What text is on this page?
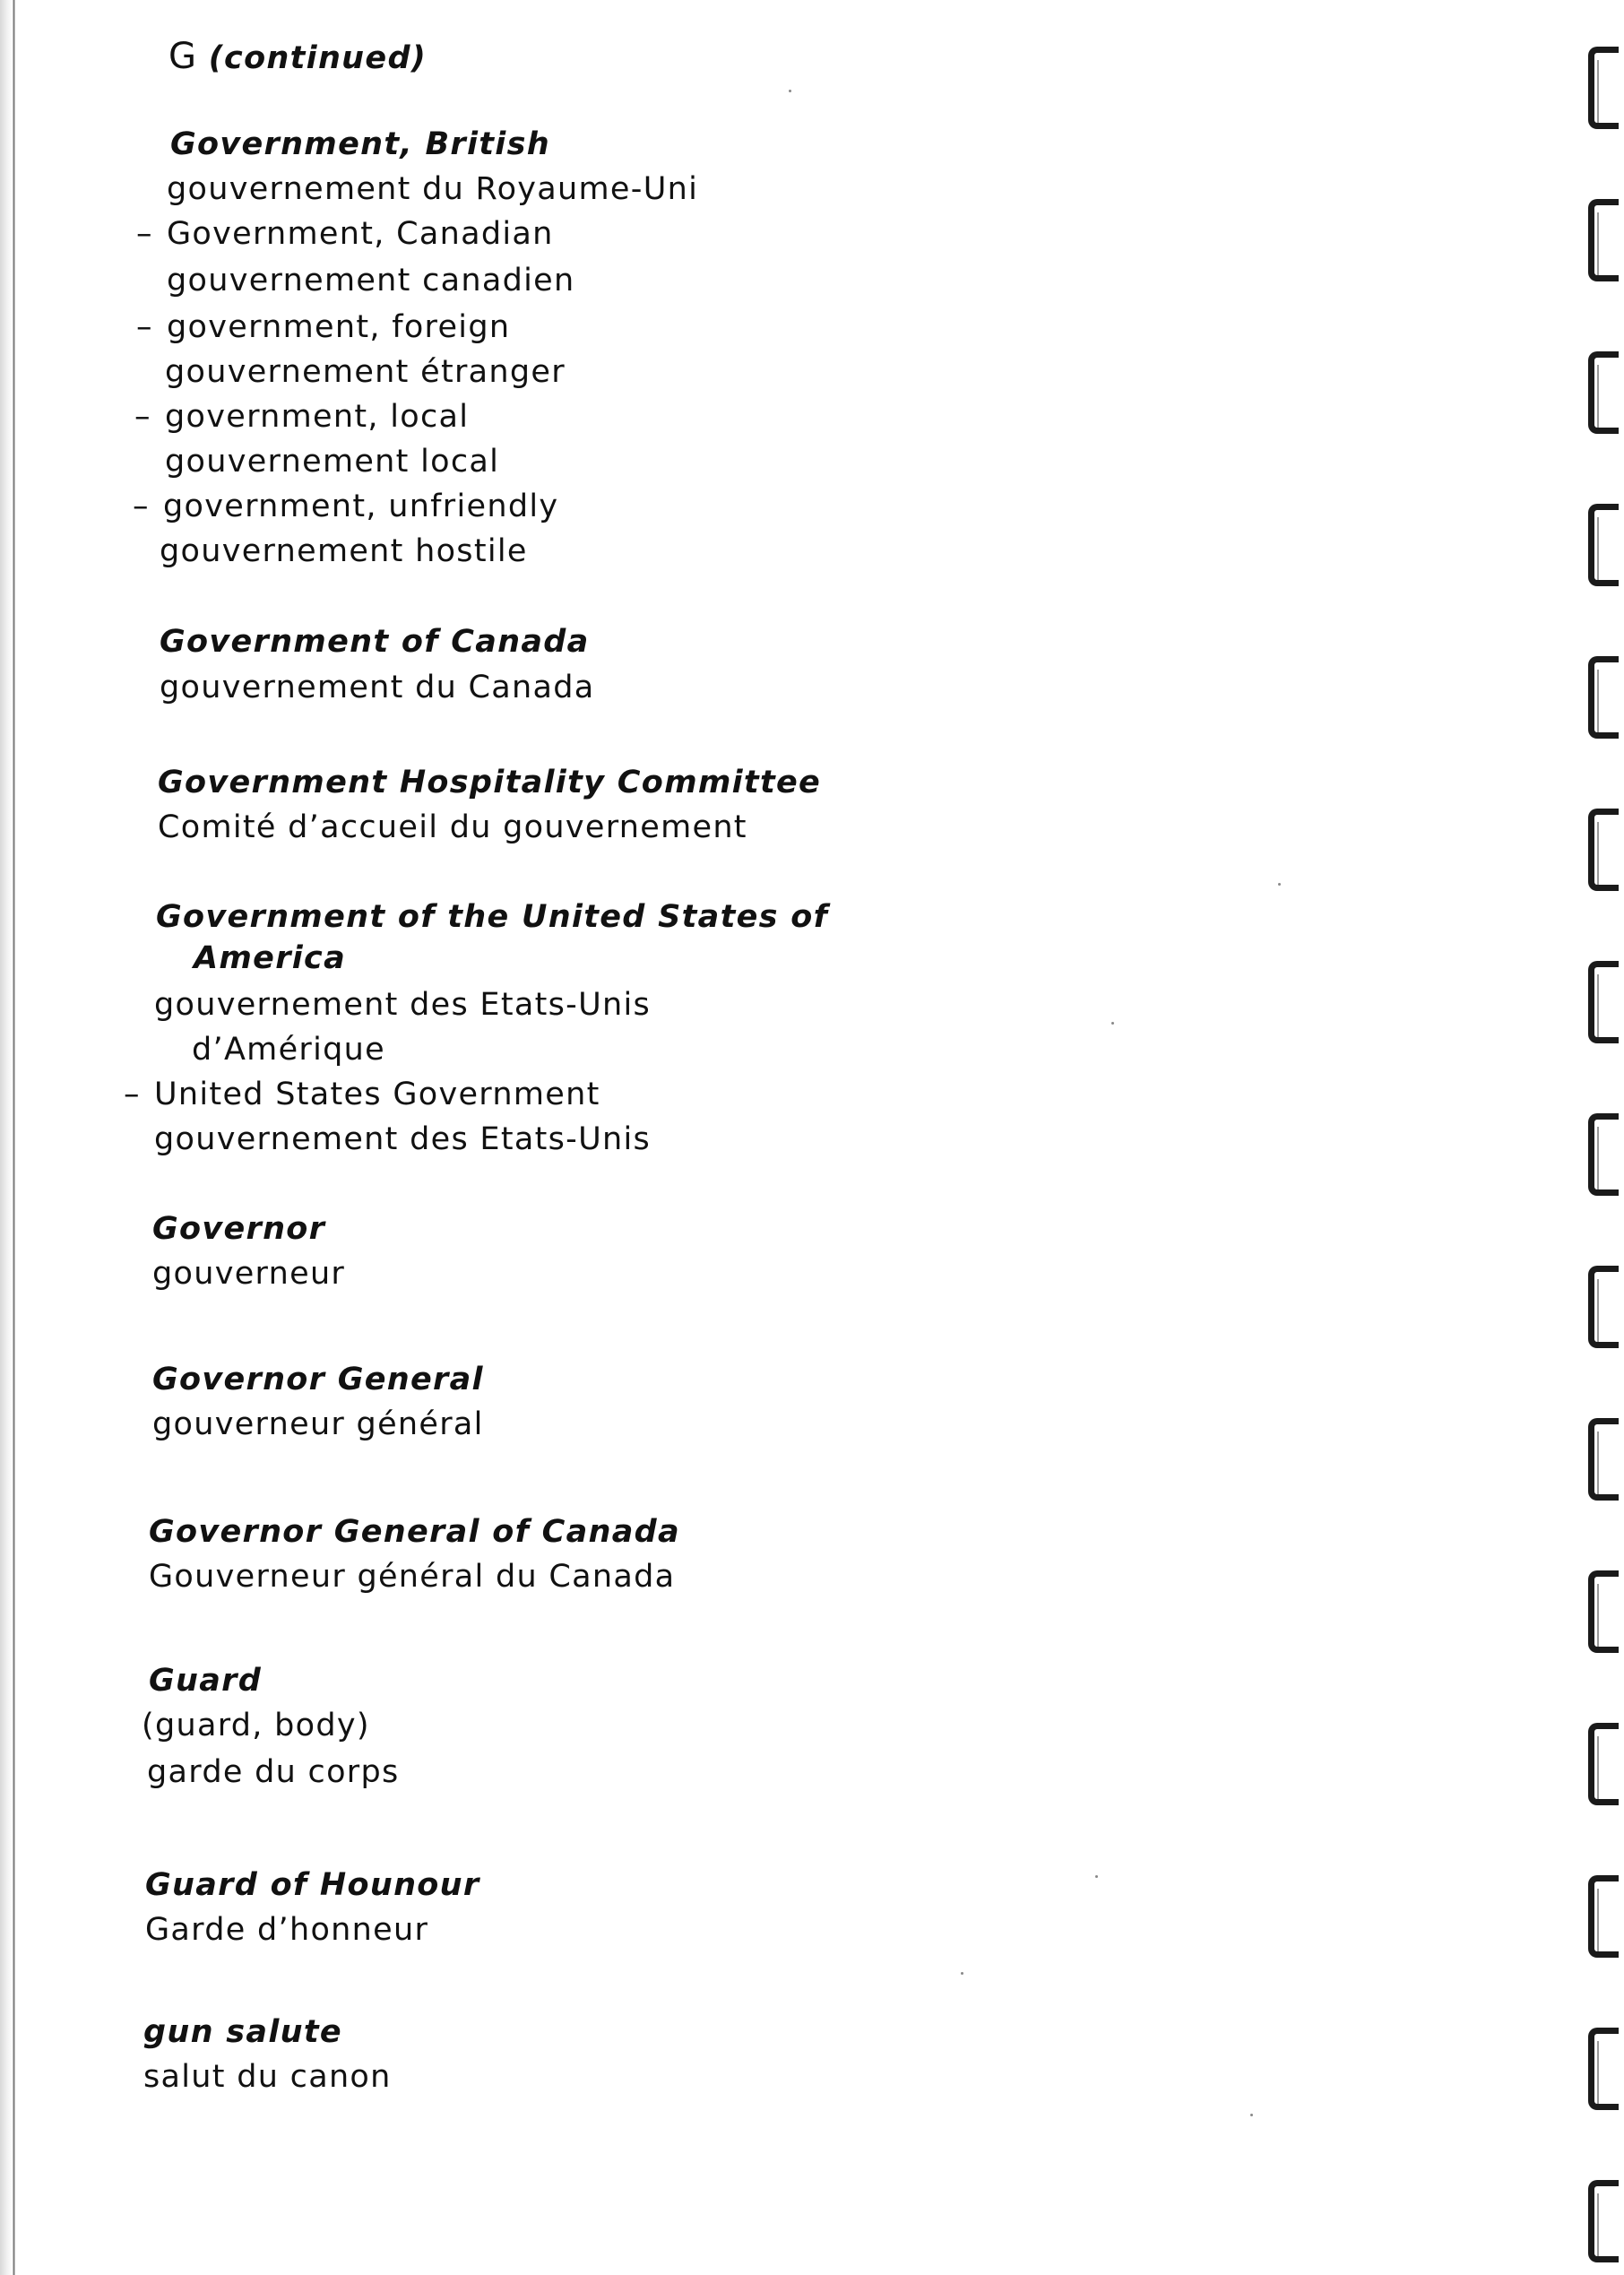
G (continued)
Government, British
gouvernement du Royaume-Uni
– Government, Canadian
gouvernement canadien
– government, foreign
gouvernement étranger
– government, local
gouvernement local
– government, unfriendly
gouvernement hostile
Government of Canada
gouvernement du Canada
Government Hospitality Committee
Comité d’accueil du gouvernement
Government of the United States of
America
gouvernement des Etats-Unis
d’Amérique
– United States Government
gouvernement des Etats-Unis
Governor
gouverneur
Governor General
gouverneur général
Governor General of Canada
Gouverneur général du Canada
Guard
(guard, body)
garde du corps
Guard of Hounour
Garde d’honneur
gun salute
salut du canon
